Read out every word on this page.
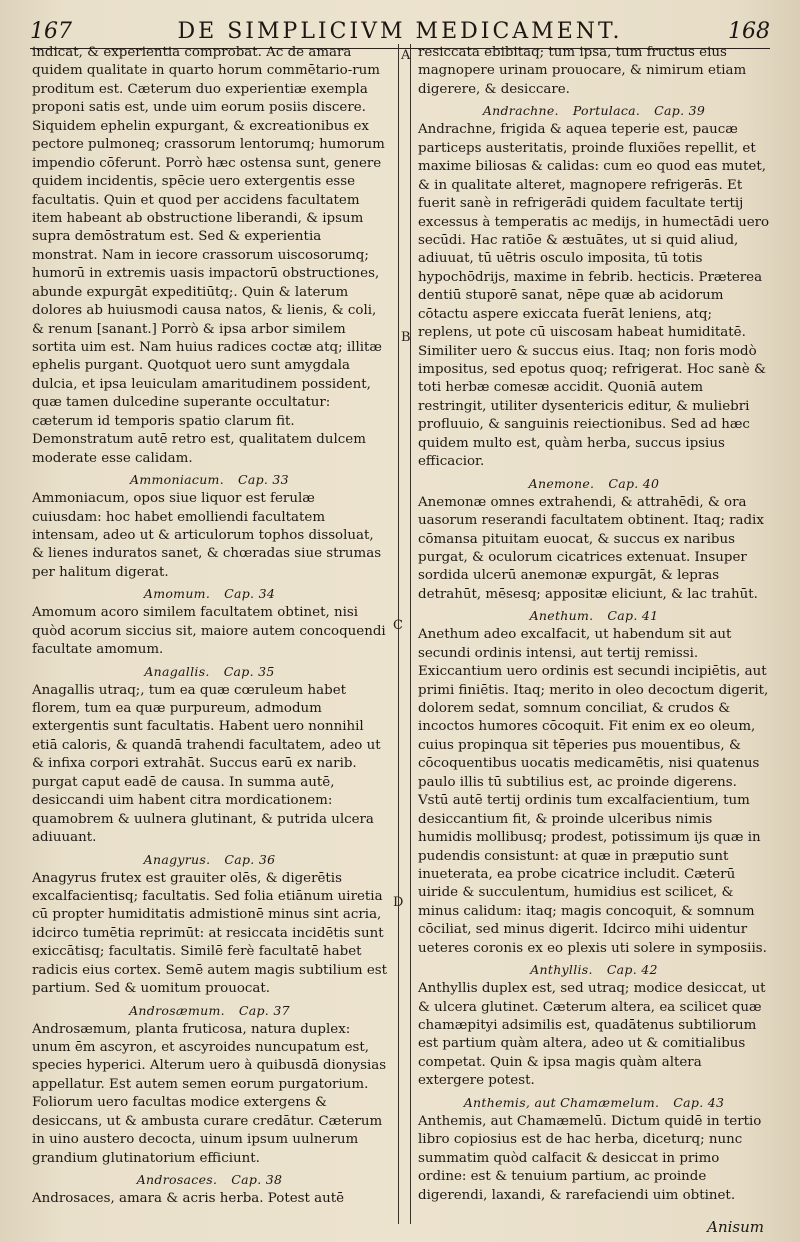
167	DE SIMPLICIVM MEDICAMENT.	168
A
B
C
D

indicat, & experientia comprobat. Ac de amara quidem qualitate in quarto horum commētario-rum proditum est. Cæterum duo experientiæ exempla proponi satis est, unde uim eorum posiis discere. Siquidem ephelin expurgant, & excreationibus ex pectore pulmoneq; crassorum lentorumq; humorum impendio cōferunt. Porrò hæc ostensa sunt, genere quidem incidentis, spēcie uero extergentis esse facultatis. Quin et quod per accidens facultatem item habeant ab obstructione liberandi, & ipsum supra demōstratum est. Sed & experientia monstrat. Nam in iecore crassorum uiscosorumq; humorū in extremis uasis impactorū obstructiones, abunde expurgāt expeditiūtq;. Quin & laterum dolores ab huiusmodi causa natos, & lienis, & coli, & renum [sanant.] Porrò & ipsa arbor similem sortita uim est. Nam huius radices coctæ atq; illitæ ephelis purgant. Quotquot uero sunt amygdala dulcia, et ipsa leuiculam amaritudinem possident, quæ tamen dulcedine superante occultatur: cæterum id temporis spatio clarum fit. Demonstratum autē retro est, qualitatem dulcem moderate esse calidam.

Ammoniacum. Cap. 33

Ammoniacum, opos siue liquor est ferulæ cuiusdam: hoc habet emolliendi facultatem intensam, adeo ut & articulorum tophos dissoluat, & lienes induratos sanet, & chœradas siue strumas per halitum digerat.

Amomum. Cap. 34

Amomum acoro similem facultatem obtinet, nisi quòd acorum siccius sit, maiore autem concoquendi facultate amomum.

Anagallis. Cap. 35

Anagallis utraq;, tum ea quæ cœruleum habet florem, tum ea quæ purpureum, admodum extergentis sunt facultatis. Habent uero nonnihil etiā caloris, & quandā trahendi facultatem, adeo ut & infixa corpori extrahāt. Succus earū ex narib. purgat caput eadē de causa. In summa autē, desiccandi uim habent citra mordicationem: quamobrem & uulnera glutinant, & putrida ulcera adiuuant.

Anagyrus. Cap. 36

Anagyrus frutex est grauiter olēs, & digerētis excalfacientisq; facultatis. Sed folia etiānum uiretia cū propter humiditatis admistionē minus sint acria, idcirco tumētia reprimūt: at resiccata incidētis sunt exiccātisq; facultatis. Similē ferè facultatē habet radicis eius cortex. Semē autem magis subtilium est partium. Sed & uomitum prouocat.

Androsæmum. Cap. 37

Androsæmum, planta fruticosa, natura duplex: unum ēm ascyron, et ascyroides nuncupatum est, species hyperici. Alterum uero à quibusdā dionysias appellatur. Est autem semen eorum purgatorium. Foliorum uero facultas modice extergens & desiccans, ut & ambusta curare credātur. Cæterum in uino austero decocta, uinum ipsum uulnerum grandium glutinatorium efficiunt.

Androsaces. Cap. 38

Androsaces, amara & acris herba. Potest autē

resiccata ebibitaq; tum ipsa, tum fructus eius magnopere urinam prouocare, & nimirum etiam digerere, & desiccare.

Andrachne. Portulaca. Cap. 39

Andrachne, frigida & aquea teperie est, paucæ particeps austeritatis, proinde fluxiões repellit, et maxime biliosas & calidas: cum eo quod eas mutet, & in qualitate alteret, magnopere refrigerās. Et fuerit sanè in refrigerādi quidem facultate tertij excessus à temperatis ac medijs, in humectādi uero secūdi. Hac ratiōe & æstuātes, ut si quid aliud, adiuuat, tū uētris osculo imposita, tū totis hypochōdrijs, maxime in febrib. hecticis. Præterea dentiū stuporē sanat, nēpe quæ ab acidorum cōtactu aspere exiccata fuerāt leniens, atq; replens, ut pote cū uiscosam habeat humiditatē. Similiter uero & succus eius. Itaq; non foris modò impositus, sed epotus quoq; refrigerat. Hoc sanè & toti herbæ comesæ accidit. Quoniā autem restringit, utiliter dysentericis editur, & muliebri profluuio, & sanguinis reiectionibus. Sed ad hæc quidem multo est, quàm herba, succus ipsius efficacior.

Anemone. Cap. 40

Anemonæ omnes extrahendi, & attrahēdi, & ora uasorum reserandi facultatem obtinent. Itaq; radix cōmansa pituitam euocat, & succus ex naribus purgat, & oculorum cicatrices extenuat. Insuper sordida ulcerū anemonæ expurgāt, & lepras detrahūt, mēsesq; appositæ eliciunt, & lac trahūt.

Anethum. Cap. 41

Anethum adeo excalfacit, ut habendum sit aut secundi ordinis intensi, aut tertij remissi. Exiccantium uero ordinis est secundi incipiētis, aut primi finiētis. Itaq; merito in oleo decoctum digerit, dolorem sedat, somnum conciliat, & crudos & incoctos humores cōcoquit. Fit enim ex eo oleum, cuius propinqua sit tēperies pus mouentibus, & cōcoquentibus uocatis medicamētis, nisi quatenus paulo illis tū subtilius est, ac proinde digerens. Vstū autē tertij ordinis tum excalfacientium, tum desiccantium fit, & proinde ulceribus nimis humidis mollibusq; prodest, potissimum ijs quæ in pudendis consistunt: at quæ in præputio sunt inueterata, ea probe cicatrice includit. Cæterū uiride & succulentum, humidius est scilicet, & minus calidum: itaq; magis concoquit, & somnum cōciliat, sed minus digerit. Idcirco mihi uidentur ueteres coronis ex eo plexis uti solere in symposiis.

Anthyllis. Cap. 42

Anthyllis duplex est, sed utraq; modice desiccat, ut & ulcera glutinet. Cæterum altera, ea scilicet quæ chamæpityi adsimilis est, quadātenus subtiliorum est partium quàm altera, adeo ut & comitialibus competat. Quin & ipsa magis quàm altera extergere potest.

Anthemis, aut Chamæmelum. Cap. 43

Anthemis, aut Chamæmelū. Dictum quidē in tertio libro copiosius est de hac herba, diceturq; nunc summatim quòd calfacit & desiccat in primo ordine: est & tenuium partium, ac proinde digerendi, laxandi, & rarefaciendi uim obtinet.

Anisum
